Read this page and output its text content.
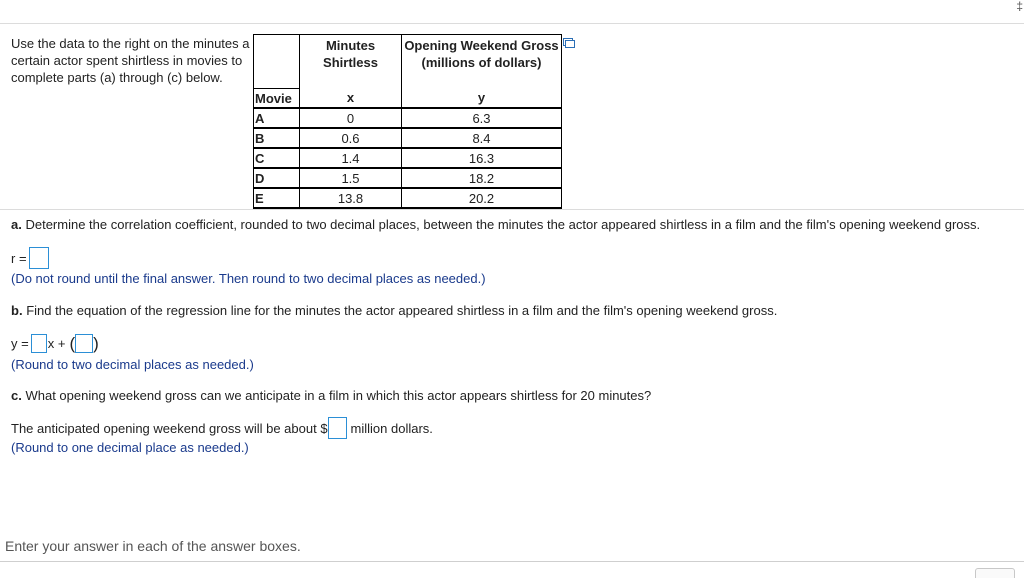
‡
Use the data to the right on the minutes a certain actor spent shirtless in movies to complete parts (a) through (c) below.
	Minutes Shirtless	Opening Weekend Gross (millions of dollars)
Movie	x	y
A	0	6.3
B	0.6	8.4
C	1.4	16.3
D	1.5	18.2
E	13.8	20.2
a. Determine the correlation coefficient, rounded to two decimal places, between the minutes the actor appeared shirtless in a film and the film's opening weekend gross.
r =
(Do not round until the final answer. Then round to two decimal places as needed.)
b. Find the equation of the regression line for the minutes the actor appeared shirtless in a film and the film's opening weekend gross.
y = x + ( )
(Round to two decimal places as needed.)
c. What opening weekend gross can we anticipate in a film in which this actor appears shirtless for 20 minutes?
The anticipated opening weekend gross will be about $ million dollars.
(Round to one decimal place as needed.)
Enter your answer in each of the answer boxes.
